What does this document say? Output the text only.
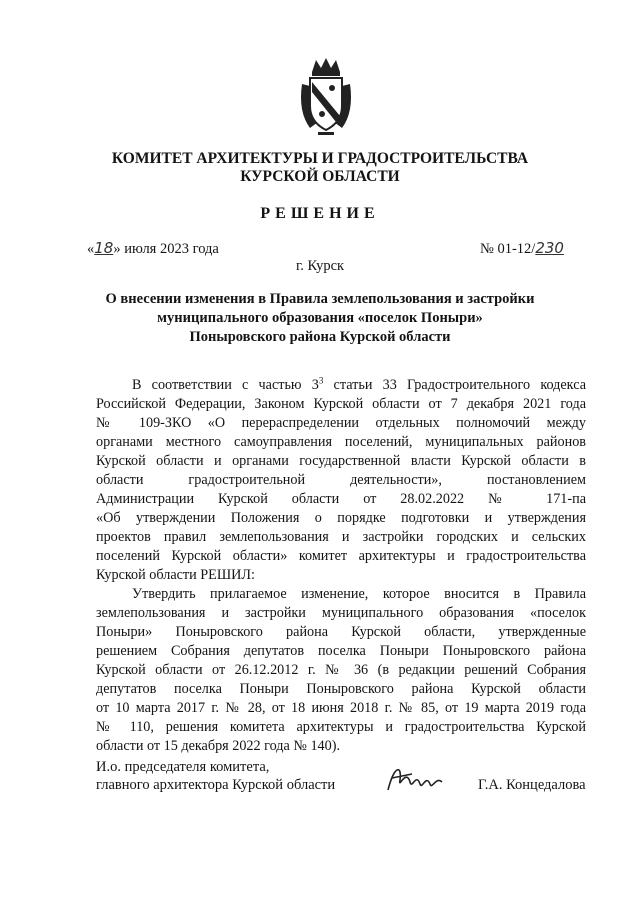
КОМИТЕТ АРХИТЕКТУРЫ И ГРАДОСТРОИТЕЛЬСТВА
КУРСКОЙ ОБЛАСТИ
РЕШЕНИЕ
«18» июля 2023 года	№ 01-12/230
г. Курск
О внесении изменения в Правила землепользования и застройки
муниципального образования «поселок Поныри»
Поныровского района Курской области
В соответствии с частью $3^3$ статьи 33 Градостроительного кодекса
Российской Федерации, Законом Курской области от 7 декабря 2021 года
№ 109-ЗКО «О перераспределении отдельных полномочий между
органами местного самоуправления поселений, муниципальных районов
Курской области и органами государственной власти Курской области в
области градостроительной деятельности», постановлением
Администрации Курской области от 28.02.2022 № 171-па
«Об утверждении Положения о порядке подготовки и утверждения
проектов правил землепользования и застройки городских и сельских
поселений Курской области» комитет архитектуры и градостроительства
Курской области РЕШИЛ:
Утвердить прилагаемое изменение, которое вносится в Правила
землепользования и застройки муниципального образования «поселок
Поныри» Поныровского района Курской области, утвержденные
решением Собрания депутатов поселка Поныри Поныровского района
Курской области от 26.12.2012 г. № 36 (в редакции решений Собрания
депутатов поселка Поныри Поныровского района Курской области
от 10 марта 2017 г. № 28, от 18 июня 2018 г. № 85, от 19 марта 2019 года
№ 110, решения комитета архитектуры и градостроительства Курской
области от 15 декабря 2022 года № 140).
И.о. председателя комитета,
главного архитектора Курской области	Г.А. Концедалова
